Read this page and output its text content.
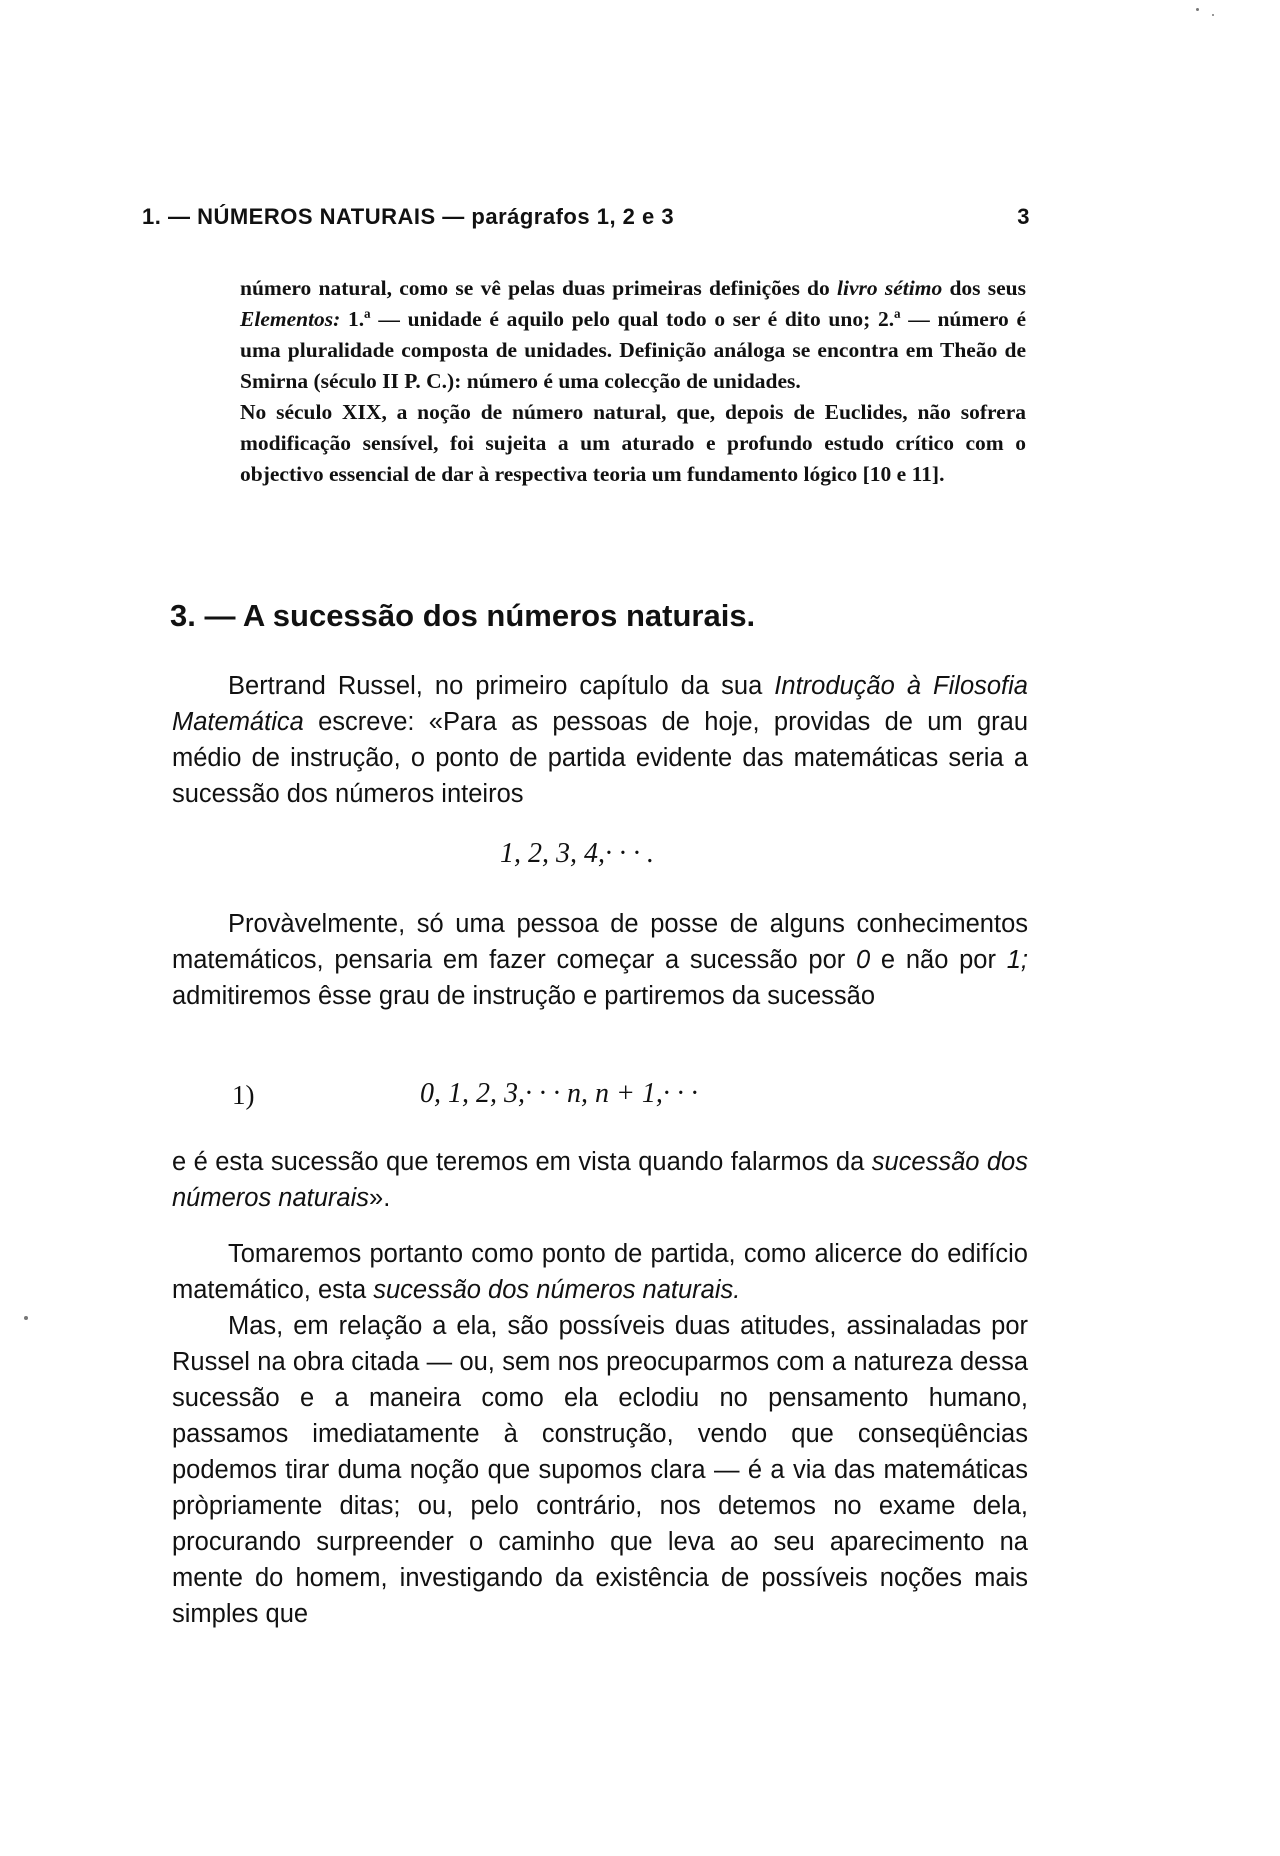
1. — NÚMEROS NATURAIS — parágrafos 1, 2 e 3	3

número natural, como se vê pelas duas primeiras definições do livro sétimo dos seus Elementos: 1.ª — unidade é aquilo pelo qual todo o ser é dito uno; 2.ª — número é uma pluralidade composta de unidades. Definição análoga se encontra em Theão de Smirna (século II P. C.): número é uma colecção de unidades.

No século XIX, a noção de número natural, que, depois de Euclides, não sofrera modificação sensível, foi sujeita a um aturado e profundo estudo crítico com o objectivo essencial de dar à respectiva teoria um fundamento lógico [10 e 11].

3. — A sucessão dos números naturais.

Bertrand Russel, no primeiro capítulo da sua Introdução à Filosofia Matemática escreve: «Para as pessoas de hoje, providas de um grau médio de instrução, o ponto de partida evidente das matemáticas seria a sucessão dos números inteiros

1, 2, 3, 4,· · · .

Provàvelmente, só uma pessoa de posse de alguns conhecimentos matemáticos, pensaria em fazer começar a sucessão por 0 e não por 1; admitiremos êsse grau de instrução e partiremos da sucessão

1)	0, 1, 2, 3,· · · n, n + 1,· · ·

e é esta sucessão que teremos em vista quando falarmos da sucessão dos números naturais».

Tomaremos portanto como ponto de partida, como alicerce do edifício matemático, esta sucessão dos números naturais.

Mas, em relação a ela, são possíveis duas atitudes, assinaladas por Russel na obra citada — ou, sem nos preocuparmos com a natureza dessa sucessão e a maneira como ela eclodiu no pensamento humano, passamos imediatamente à construção, vendo que conseqüências podemos tirar duma noção que supomos clara — é a via das matemáticas pròpriamente ditas; ou, pelo contrário, nos detemos no exame dela, procurando surpreender o caminho que leva ao seu aparecimento na mente do homem, investigando da existência de possíveis noções mais simples que
